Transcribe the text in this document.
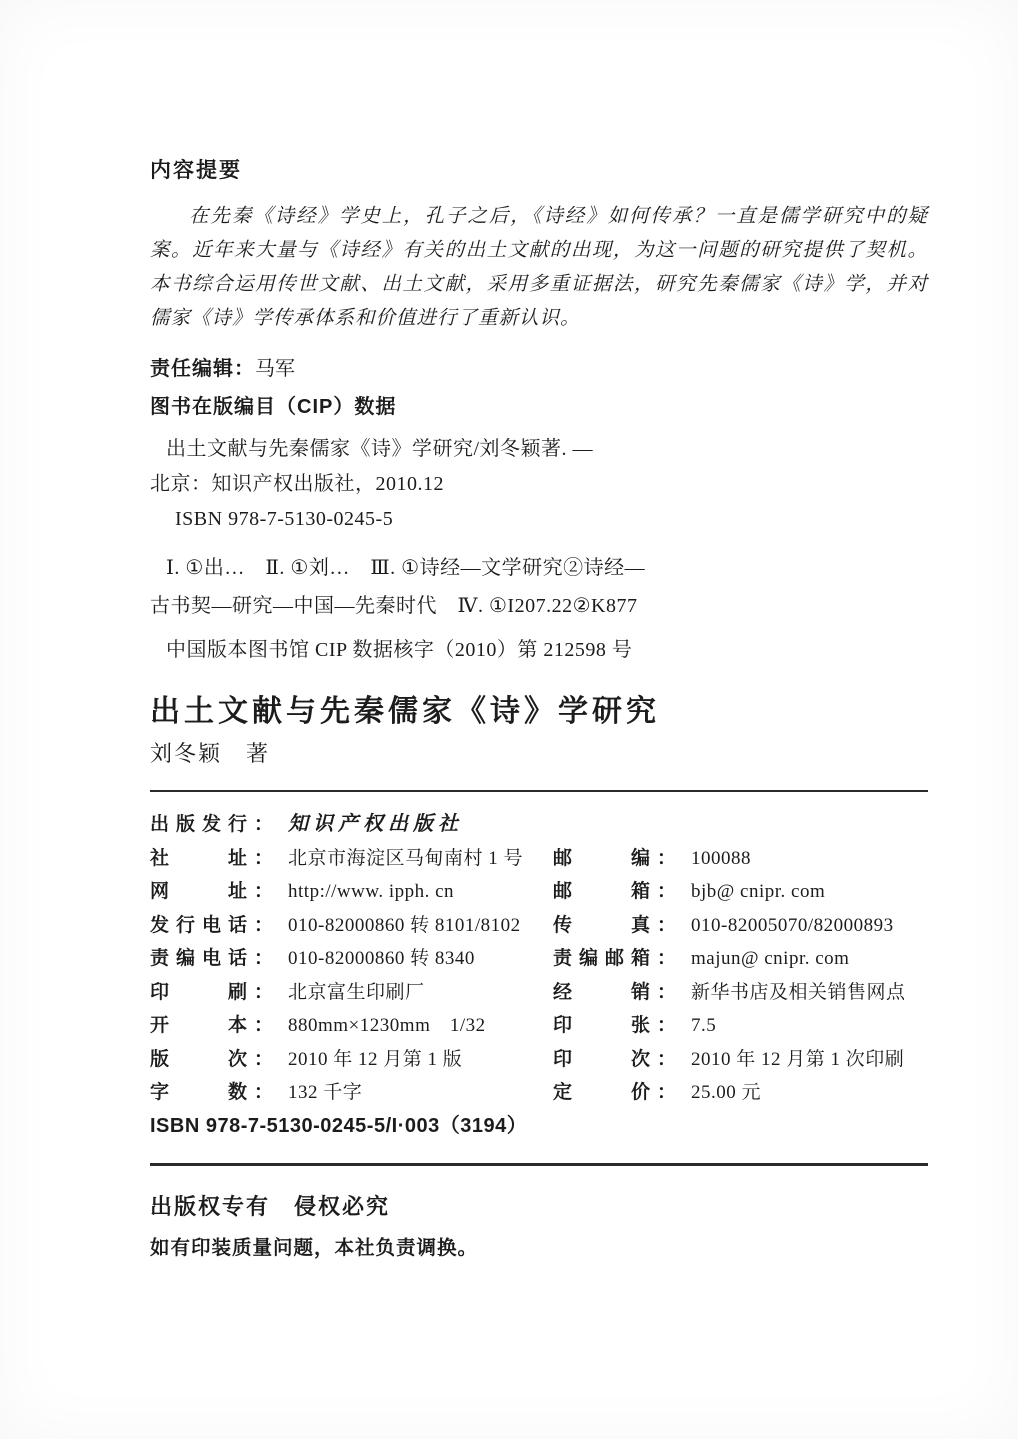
内容提要

在先秦《诗经》学史上，孔子之后，《诗经》如何传承？一直是儒学研究中的疑案。近年来大量与《诗经》有关的出土文献的出现，为这一问题的研究提供了契机。本书综合运用传世文献、出土文献，采用多重证据法，研究先秦儒家《诗》学，并对儒家《诗》学传承体系和价值进行了重新认识。

责任编辑：马军
图书在版编目（CIP）数据
出土文献与先秦儒家《诗》学研究/刘冬颖著. —
北京：知识产权出版社，2010.12
ISBN 978-7-5130-0245-5
Ⅰ. ①出…　Ⅱ. ①刘…　Ⅲ. ①诗经—文学研究②诗经—
古书契—研究—中国—先秦时代　Ⅳ. ①I207.22②K877
中国版本图书馆 CIP 数据核字（2010）第 212598 号
出土文献与先秦儒家《诗》学研究
刘冬颖　著
出版发行： 知识产权出版社
社　　址： 北京市海淀区马甸南村 1 号	邮　　编： 100088
网　　址： http://www. ipph. cn	邮　　箱： bjb@ cnipr. com
发行电话： 010-82000860 转 8101/8102	传　　真： 010-82005070/82000893
责编电话： 010-82000860 转 8340	责编邮箱： majun@ cnipr. com
印　　刷： 北京富生印刷厂	经　　销： 新华书店及相关销售网点
开　　本： 880mm×1230mm　1/32	印　　张： 7.5
版　　次： 2010 年 12 月第 1 版	印　　次： 2010 年 12 月第 1 次印刷
字　　数： 132 千字	定　　价： 25.00 元
ISBN 978-7-5130-0245-5/I·003（3194）
出版权专有　侵权必究
如有印装质量问题，本社负责调换。
